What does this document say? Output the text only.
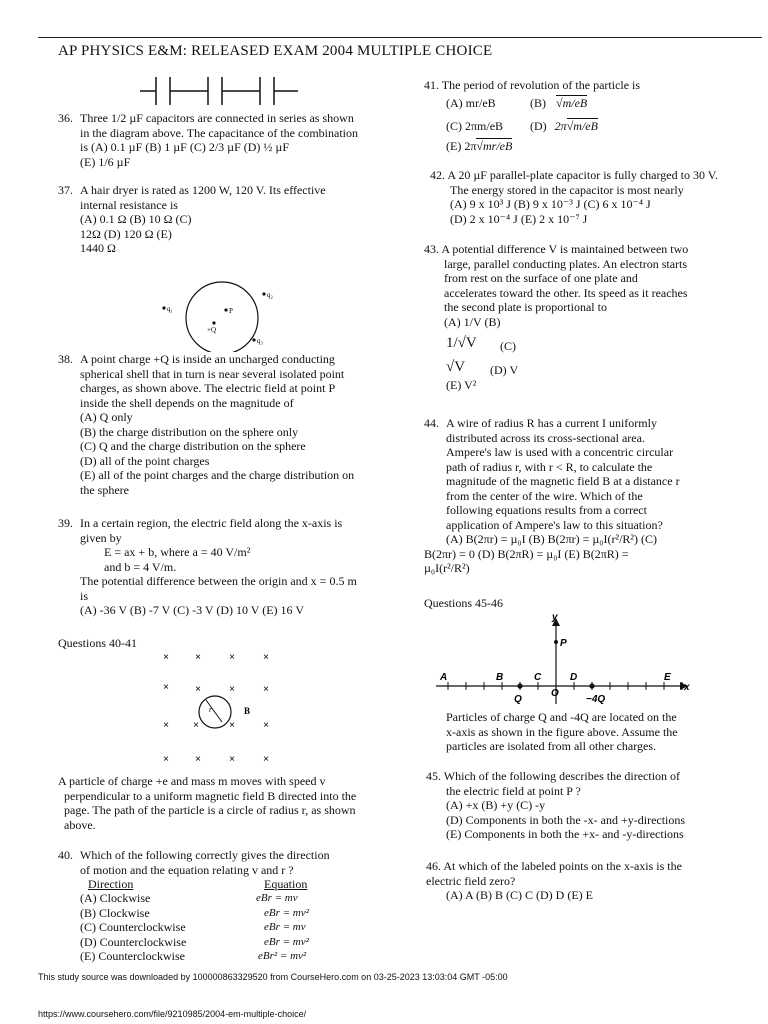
AP PHYSICS E&M: RELEASED EXAM 2004 MULTIPLE CHOICE
36. Three 1/2 µF capacitors are connected in series as shown

in the diagram above. The capacitance of the combination

is (A) 0.1 µF (B) 1 µF (C) 2/3 µF (D) ½ µF

(E) 1/6 µF

37. A hair dryer is rated as 1200 W, 120 V. Its effective

internal resistance is

(A) 0.1 Ω (B) 10 Ω (C)

12Ω (D) 120 Ω (E)

1440 Ω

q₁
q₂
q₃
P
+Q
38. A point charge +Q is inside an uncharged conducting

spherical shell that in turn is near several isolated point

charges, as shown above. The electric field at point P

inside the shell depends on the magnitude of

(A) Q only

(B) the charge distribution on the sphere only

(C) Q and the charge distribution on the sphere

(D) all of the point charges

(E) all of the point charges and the charge distribution on

the sphere

39. In a certain region, the electric field along the x-axis is

given by

E = ax + b, where a = 40 V/m²

and b = 4 V/m.

The potential difference between the origin and x = 0.5 m

is

(A) -36 V (B) -7 V (C) -3 V (D) 10 V (E) 16 V

Questions 40-41
r	B
×	×	×	×
×	×	×	×
× ×	×	×
×	×	×	×

A particle of charge +e and mass m moves with speed v

perpendicular to a uniform magnetic field B directed into the

page. The path of the particle is a circle of radius r, as shown

above.

40. Which of the following correctly gives the direction

of motion and the equation relating v and r ?

Direction	Equation
(A) Clockwise	eBr = mv
(B) Clockwise	eBr = mv²
(C) Counterclockwise	eBr = mv
(D) Counterclockwise	eBr = mv²
(E) Counterclockwise	eBr² = mv²

41. The period of revolution of the particle is

(A) mr/eB	(B) √m/eB
(C) 2πm/eB (D) 2π√m/eB
(E) 2π√mr/eB

42. A 20 µF parallel-plate capacitor is fully charged to 30 V.

The energy stored in the capacitor is most nearly

(A) 9 x 10³ J (B) 9 x 10⁻³ J (C) 6 x 10⁻⁴ J

(D) 2 x 10⁻⁴ J (E) 2 x 10⁻⁷ J

43. A potential difference V is maintained between two

large, parallel conducting plates. An electron starts

from rest on the surface of one plate and

accelerates toward the other. Its speed as it reaches

the second plate is proportional to

(A) 1/V (B)

1/√V (C)
√V (D) V
(E) V²
44. A wire of radius R has a current I uniformly

distributed across its cross-sectional area.

Ampere's law is used with a concentric circular

path of radius r, with r < R, to calculate the

magnitude of the magnetic field B at a distance r

from the center of the wire. Which of the

following equations results from a correct

application of Ampere's law to this situation?

(A) B(2πr) = µ₀I (B) B(2πr) = µ₀I(r²/R²) (C)

B(2πr) = 0 (D) B(2πR) = µ₀I (E) B(2πR) =

µ₀I(r²/R²)

Questions 45-46
y
P
x
A	B	C	D	E
Q
O
−4Q

Particles of charge Q and -4Q are located on the

x-axis as shown in the figure above. Assume the

particles are isolated from all other charges.

45. Which of the following describes the direction of

the electric field at point P ?

(A) +x (B) +y (C) -y

(D) Components in both the -x- and +y-directions

(E) Components in both the +x- and -y-directions

46. At which of the labeled points on the x-axis is the

electric field zero?

(A) A (B) B (C) C (D) D (E) E

This study source was downloaded by 100000863329520 from CourseHero.com on 03-25-2023 13:03:04 GMT -05:00
https://www.coursehero.com/file/9210985/2004-em-multiple-choice/
